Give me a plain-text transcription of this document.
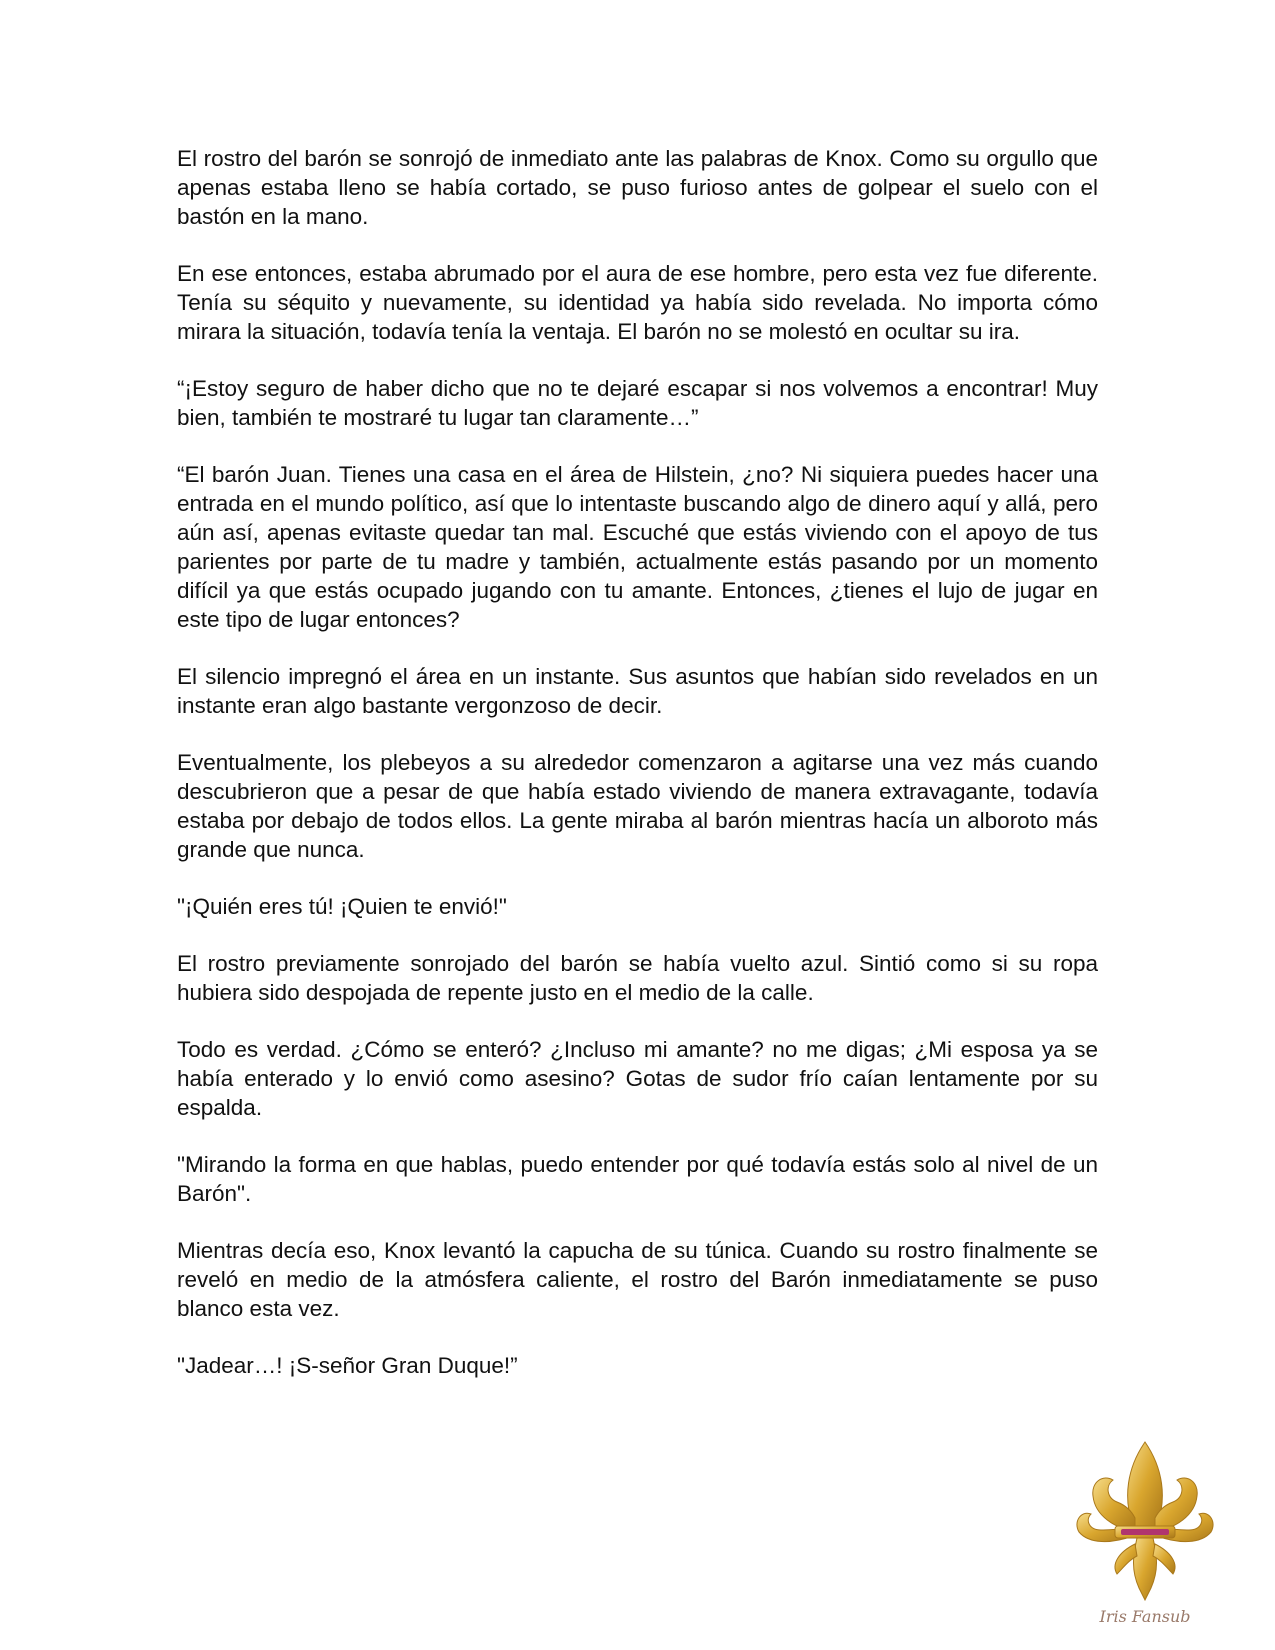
El rostro del barón se sonrojó de inmediato ante las palabras de Knox. Como su orgullo que apenas estaba lleno se había cortado, se puso furioso antes de golpear el suelo con el bastón en la mano.

En ese entonces, estaba abrumado por el aura de ese hombre, pero esta vez fue diferente. Tenía su séquito y nuevamente, su identidad ya había sido revelada. No importa cómo mirara la situación, todavía tenía la ventaja. El barón no se molestó en ocultar su ira.

“¡Estoy seguro de haber dicho que no te dejaré escapar si nos volvemos a encontrar! Muy bien, también te mostraré tu lugar tan claramente…”

“El barón Juan. Tienes una casa en el área de Hilstein, ¿no? Ni siquiera puedes hacer una entrada en el mundo político, así que lo intentaste buscando algo de dinero aquí y allá, pero aún así, apenas evitaste quedar tan mal. Escuché que estás viviendo con el apoyo de tus parientes por parte de tu madre y también, actualmente estás pasando por un momento difícil ya que estás ocupado jugando con tu amante. Entonces, ¿tienes el lujo de jugar en este tipo de lugar entonces?

El silencio impregnó el área en un instante. Sus asuntos que habían sido revelados en un instante eran algo bastante vergonzoso de decir.

Eventualmente, los plebeyos a su alrededor comenzaron a agitarse una vez más cuando descubrieron que a pesar de que había estado viviendo de manera extravagante, todavía estaba por debajo de todos ellos. La gente miraba al barón mientras hacía un alboroto más grande que nunca.

"¡Quién eres tú! ¡Quien te envió!"

El rostro previamente sonrojado del barón se había vuelto azul. Sintió como si su ropa hubiera sido despojada de repente justo en el medio de la calle.

Todo es verdad. ¿Cómo se enteró? ¿Incluso mi amante? no me digas; ¿Mi esposa ya se había enterado y lo envió como asesino? Gotas de sudor frío caían lentamente por su espalda.

"Mirando la forma en que hablas, puedo entender por qué todavía estás solo al nivel de un Barón".

Mientras decía eso, Knox levantó la capucha de su túnica. Cuando su rostro finalmente se reveló en medio de la atmósfera caliente, el rostro del Barón inmediatamente se puso blanco esta vez.

"Jadear…! ¡S-señor Gran Duque!”

Iris Fansub
